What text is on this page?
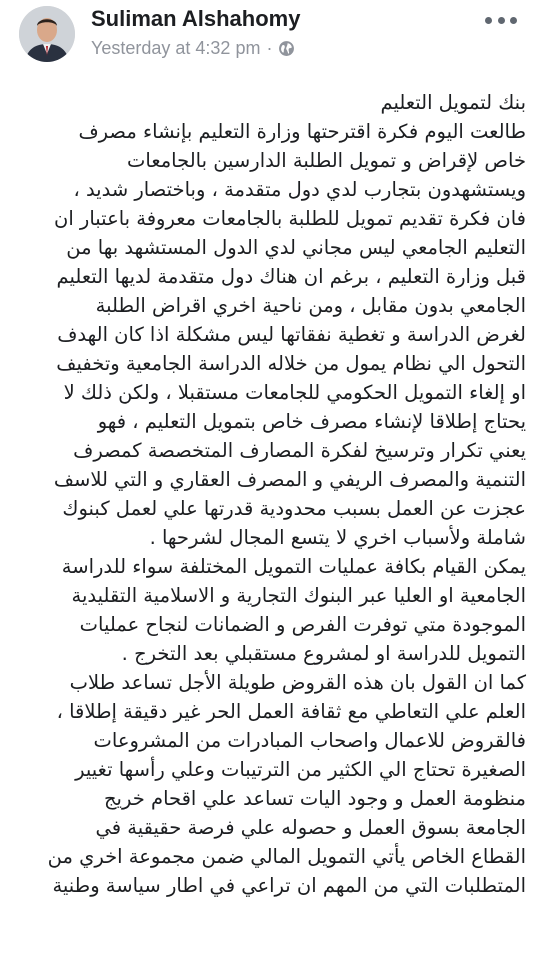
Suliman Alshahomy
Yesterday at 4:32 pm ·
بنك لتمويل التعليم
طالعت اليوم فكرة اقترحتها وزارة التعليم بإنشاء مصرف
خاص لإقراض و تمويل الطلبة الدارسين بالجامعات
ويستشهدون بتجارب لدي دول متقدمة ، وباختصار شديد ،
فان فكرة تقديم تمويل للطلبة بالجامعات معروفة باعتبار ان
التعليم الجامعي ليس مجاني لدي الدول المستشهد بها من
قبل وزارة التعليم ، برغم ان هناك دول متقدمة لديها التعليم
الجامعي بدون مقابل ، ومن ناحية اخري اقراض الطلبة
لغرض الدراسة و تغطية نفقاتها ليس مشكلة اذا كان الهدف
التحول الي نظام يمول من خلاله الدراسة الجامعية وتخفيف
او إلغاء التمويل الحكومي للجامعات مستقبلا ، ولكن ذلك لا
يحتاج إطلاقا لإنشاء مصرف خاص بتمويل التعليم ، فهو
يعني تكرار وترسيخ لفكرة المصارف المتخصصة كمصرف
التنمية والمصرف الريفي و المصرف العقاري و التي للاسف
عجزت عن العمل بسبب محدودية قدرتها علي لعمل كبنوك
شاملة ولأسباب اخري لا يتسع المجال لشرحها .
يمكن القيام بكافة عمليات التمويل المختلفة سواء للدراسة
الجامعية او العليا عبر البنوك التجارية و الاسلامية التقليدية
الموجودة متي توفرت الفرص و الضمانات لنجاح عمليات
التمويل للدراسة او لمشروع مستقبلي بعد التخرج .
كما ان القول بان هذه القروض طويلة الأجل تساعد طلاب
العلم علي التعاطي مع ثقافة العمل الحر غير دقيقة إطلاقا ،
فالقروض للاعمال واصحاب المبادرات من المشروعات
الصغيرة تحتاج الي الكثير من الترتيبات وعلي رأسها تغيير
منظومة العمل و وجود اليات تساعد علي اقحام خريج
الجامعة بسوق العمل و حصوله علي فرصة حقيقية في
القطاع الخاص يأتي التمويل المالي ضمن مجموعة اخري من
المتطلبات التي من المهم ان تراعي في اطار سياسة وطنية
